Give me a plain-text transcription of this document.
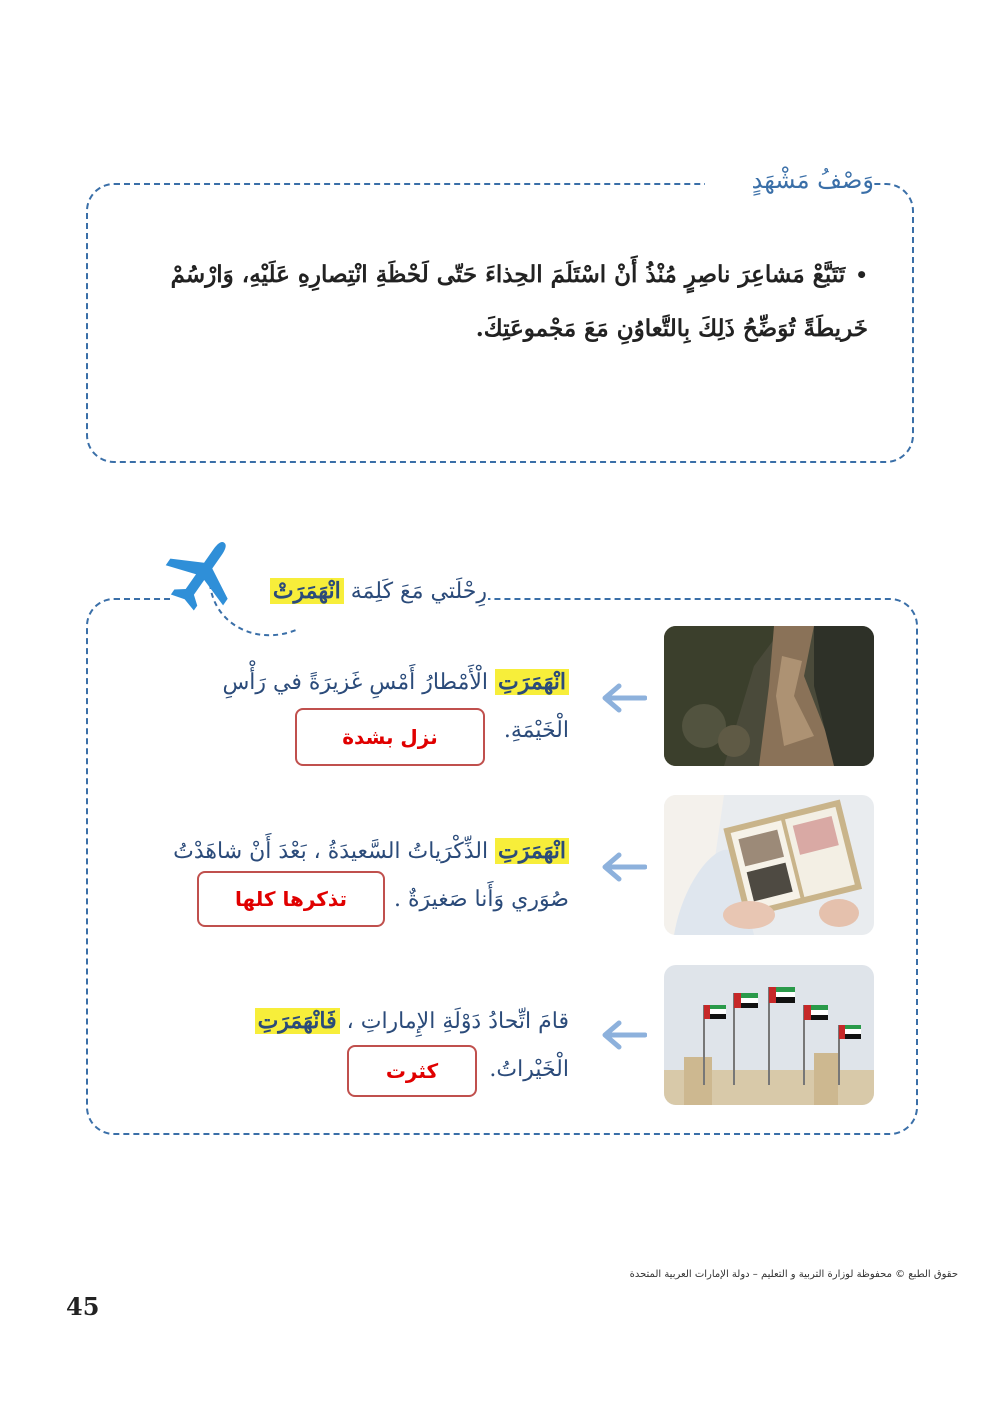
وَصْفُ مَشْهَدٍ
•تَتَبَّعْ مَشاعِرَ ناصِرٍ مُنْذُ أَنْ اسْتَلَمَ الحِذاءَ حَتّى لَحْظَةِ انْتِصارِهِ عَلَيْهِ، وَارْسُمْ خَريطَةً تُوَضِّحُ ذَلِكَ بِالتَّعاوُنِ مَعَ مَجْموعَتِكَ.
رِحْلَتي مَعَ كَلِمَة انْهَمَرَتْ
انْهَمَرَتِ الْأَمْطارُ أَمْسِ غَزيرَةً في رَأْسِ الْخَيْمَةِ.
نزل بشدة
انْهَمَرَتِ الذِّكْرَياتُ السَّعيدَةُ ، بَعْدَ أَنْ شاهَدْتُ صُوَري وَأَنا صَغيرَةٌ .
تذكرها كلها
قامَ اتِّحادُ دَوْلَةِ الإِماراتِ ، فَانْهَمَرَتِ الْخَيْراتُ.
كثرت
حقوق الطبع © محفوظة لوزارة التربية و التعليم – دولة الإمارات العربية المتحدة
45
